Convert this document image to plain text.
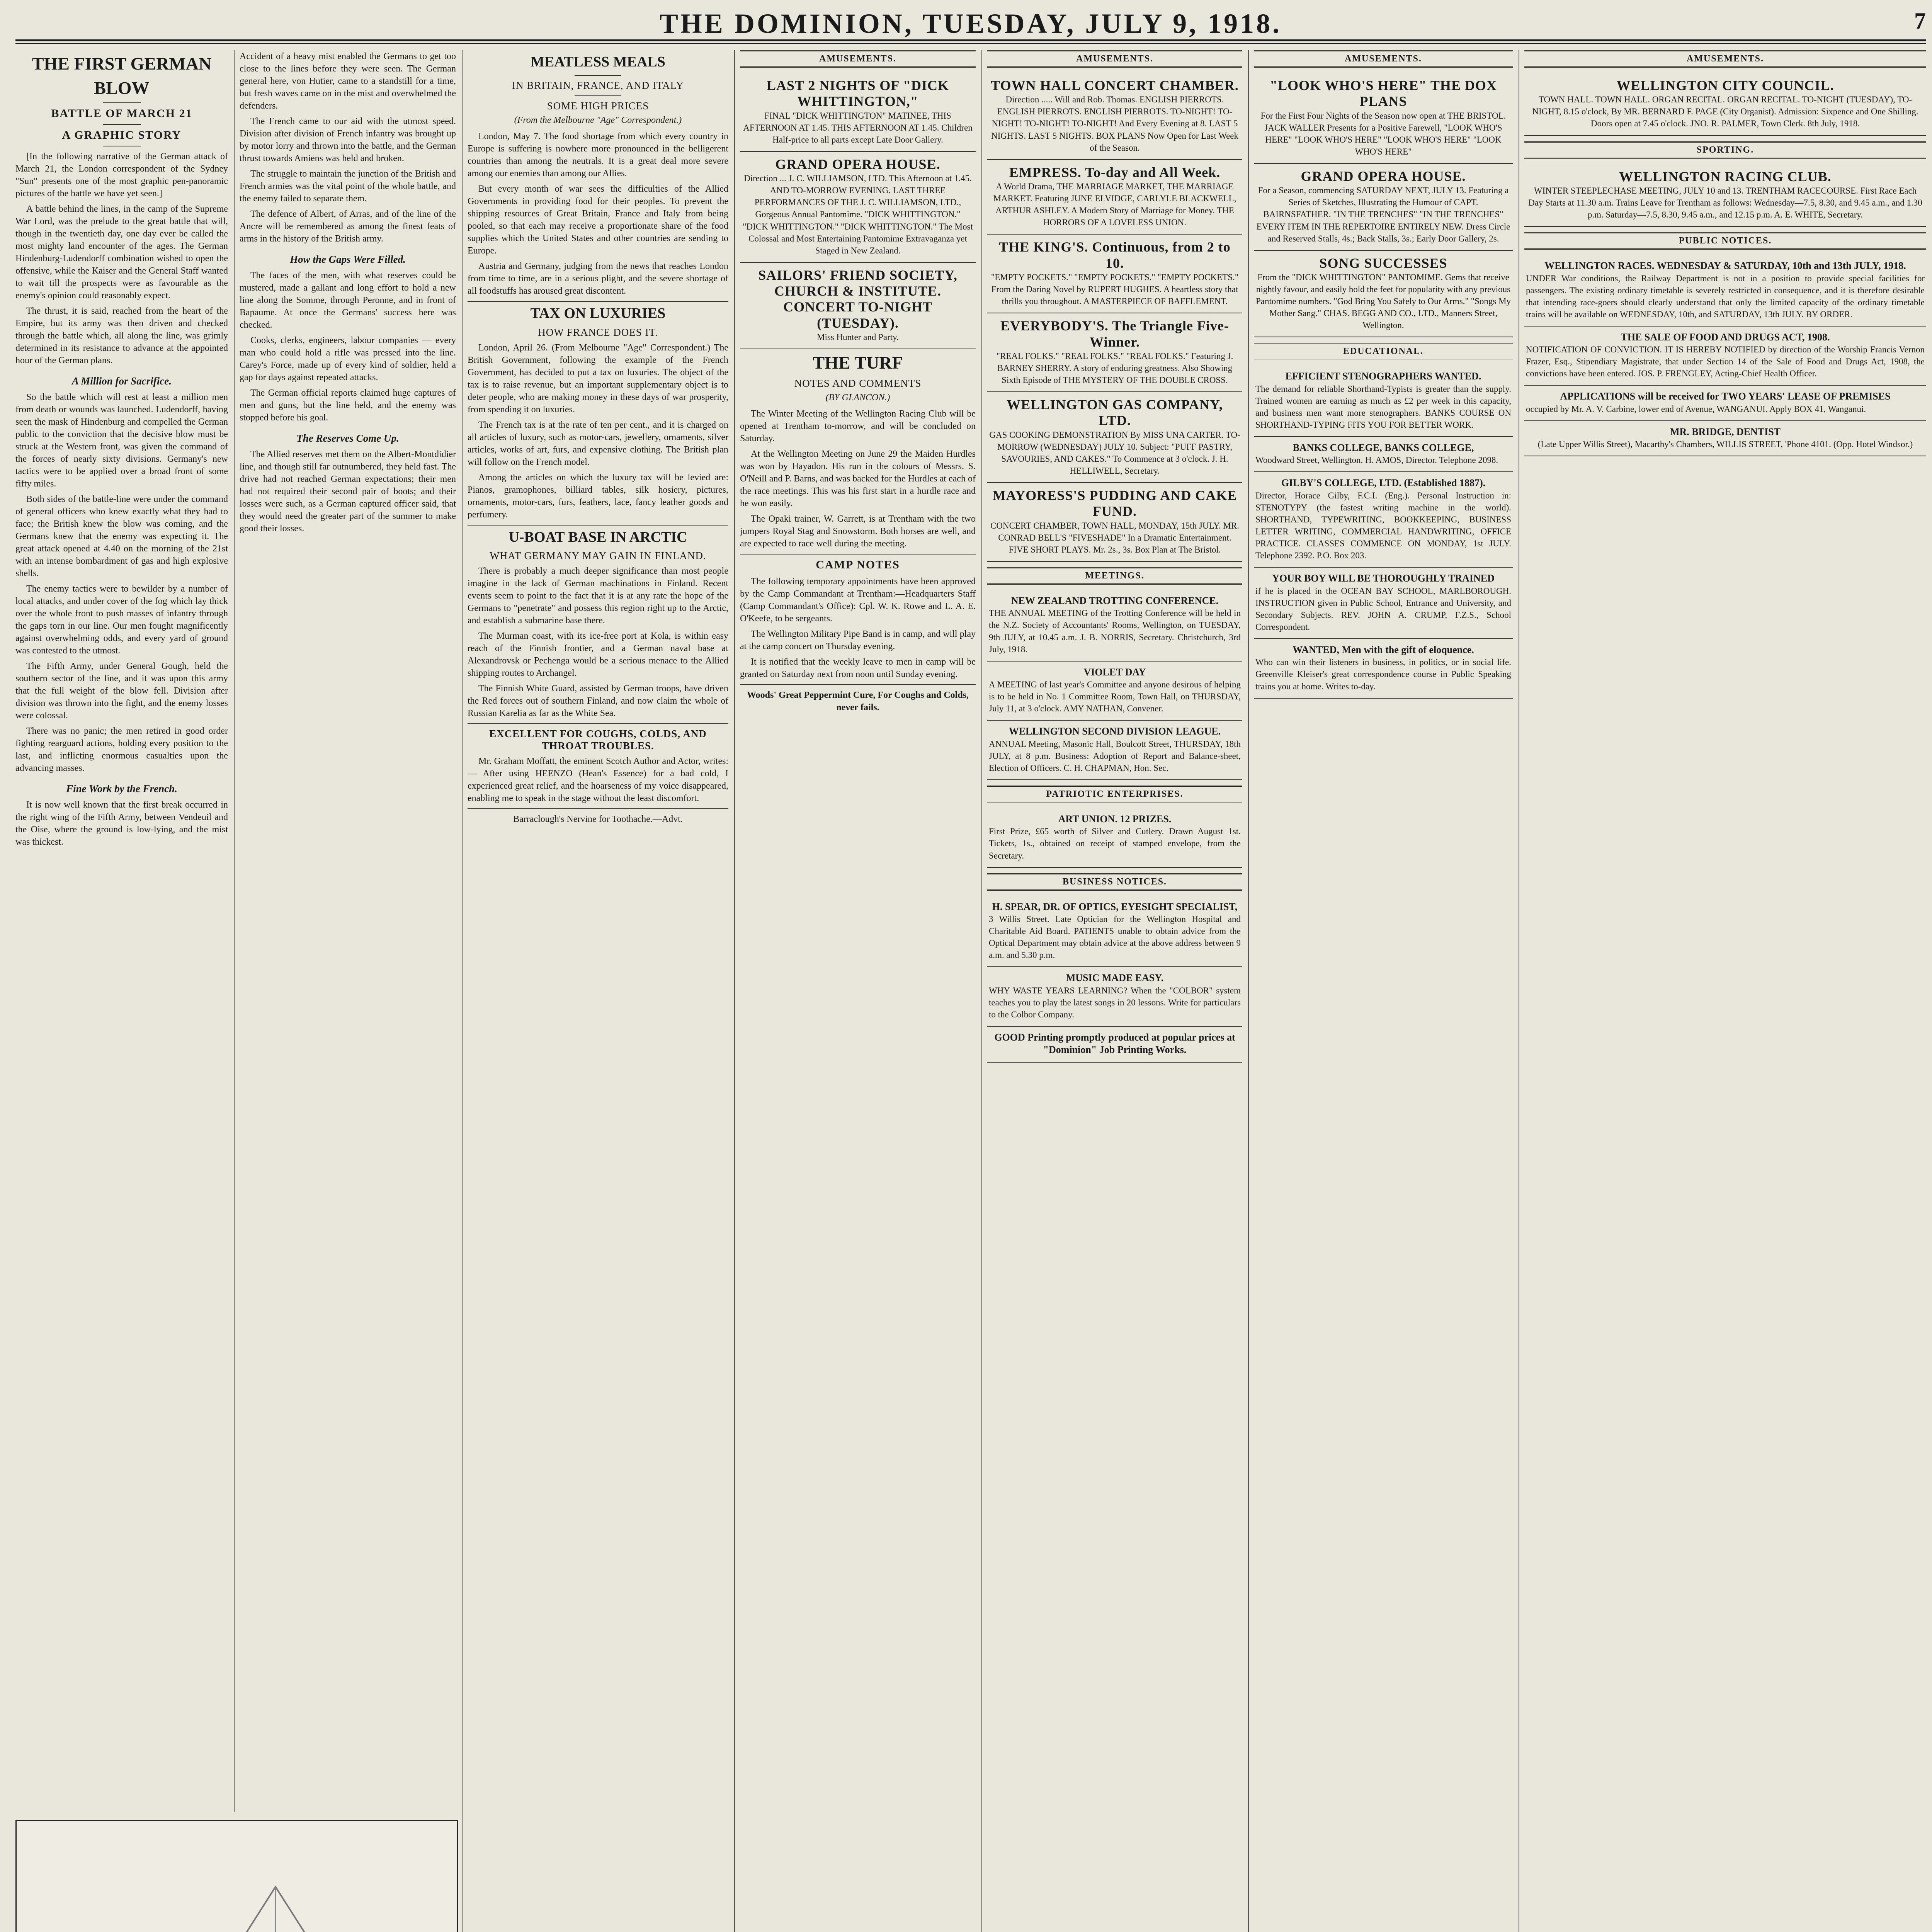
THE DOMINION, TUESDAY, JULY 9, 1918.	7
THE FIRST GERMAN
BLOW
BATTLE OF MARCH 21
A GRAPHIC STORY

[In the following narrative of the German attack of March 21, the London correspondent of the Sydney "Sun" presents one of the most graphic pen-panoramic pictures of the battle we have yet seen.]

A battle behind the lines, in the camp of the Supreme War Lord, was the prelude to the great battle that will, though in the twentieth day, one day ever be called the most mighty land encounter of the ages. The German Hindenburg-Ludendorff combination wished to open the offensive, while the Kaiser and the General Staff wanted to wait till the prospects were as favourable as the enemy's opinion could reasonably expect.

The thrust, it is said, reached from the heart of the Empire, but its army was then driven and checked through the battle which, all along the line, was grimly determined in its resistance to advance at the appointed hour of the German plans.

A Million for Sacrifice.

So the battle which will rest at least a million men from death or wounds was launched. Ludendorff, having seen the mask of Hindenburg and compelled the German public to the conviction that the decisive blow must be struck at the Western front, was given the command of the forces of nearly sixty divisions. Germany's new tactics were to be applied over a broad front of some fifty miles.

Both sides of the battle-line were under the command of general officers who knew exactly what they had to face; the British knew the blow was coming, and the Germans knew that the enemy was expecting it. The great attack opened at 4.40 on the morning of the 21st with an intense bombardment of gas and high explosive shells.

The enemy tactics were to bewilder by a number of local attacks, and under cover of the fog which lay thick over the whole front to push masses of infantry through the gaps torn in our line. Our men fought magnificently against overwhelming odds, and every yard of ground was contested to the utmost.

The Fifth Army, under General Gough, held the southern sector of the line, and it was upon this army that the full weight of the blow fell. Division after division was thrown into the fight, and the enemy losses were colossal.

There was no panic; the men retired in good order fighting rearguard actions, holding every position to the last, and inflicting enormous casualties upon the advancing masses.

Fine Work by the French.

It is now well known that the first break occurred in the right wing of the Fifth Army, between Vendeuil and the Oise, where the ground is low-lying, and the mist was thickest.

Accident of a heavy mist enabled the Germans to get too close to the lines before they were seen. The German general here, von Hutier, came to a standstill for a time, but fresh waves came on in the mist and overwhelmed the defenders.

The French came to our aid with the utmost speed. Division after division of French infantry was brought up by motor lorry and thrown into the battle, and the German thrust towards Amiens was held and broken.

The struggle to maintain the junction of the British and French armies was the vital point of the whole battle, and the enemy failed to separate them.

The defence of Albert, of Arras, and of the line of the Ancre will be remembered as among the finest feats of arms in the history of the British army.

How the Gaps Were Filled.

The faces of the men, with what reserves could be mustered, made a gallant and long effort to hold a new line along the Somme, through Peronne, and in front of Bapaume. At once the Germans' success here was checked.

Cooks, clerks, engineers, labour companies — every man who could hold a rifle was pressed into the line. Carey's Force, made up of every kind of soldier, held a gap for days against repeated attacks.

The German official reports claimed huge captures of men and guns, but the line held, and the enemy was stopped before his goal.

The Reserves Come Up.

The Allied reserves met them on the Albert-Montdidier line, and though still far outnumbered, they held fast. The drive had not reached German expectations; their men had not required their second pair of boots; and their losses were such, as a German captured officer said, that they would need the greater part of the summer to make good their losses.

MEATLESS MEALS
IN BRITAIN, FRANCE, AND ITALY
SOME HIGH PRICES
(From the Melbourne "Age" Correspondent.)

London, May 7. The food shortage from which every country in Europe is suffering is nowhere more pronounced in the belligerent countries than among the neutrals. It is a great deal more severe among our enemies than among our Allies.

But every month of war sees the difficulties of the Allied Governments in providing food for their peoples. To prevent the shipping resources of Great Britain, France and Italy from being pooled, so that each may receive a proportionate share of the food supplies which the United States and other countries are sending to Europe.

Austria and Germany, judging from the news that reaches London from time to time, are in a serious plight, and the severe shortage of all foodstuffs has aroused great discontent.

TAX ON LUXURIES
HOW FRANCE DOES IT.

London, April 26. (From Melbourne "Age" Correspondent.) The British Government, following the example of the French Government, has decided to put a tax on luxuries. The object of the tax is to raise revenue, but an important supplementary object is to deter people, who are making money in these days of war prosperity, from spending it on luxuries.

The French tax is at the rate of ten per cent., and it is charged on all articles of luxury, such as motor-cars, jewellery, ornaments, silver articles, works of art, furs, and expensive clothing. The British plan will follow on the French model.

Among the articles on which the luxury tax will be levied are: Pianos, gramophones, billiard tables, silk hosiery, pictures, ornaments, motor-cars, furs, feathers, lace, fancy leather goods and perfumery.

U-BOAT BASE IN ARCTIC
WHAT GERMANY MAY GAIN IN FINLAND.

There is probably a much deeper significance than most people imagine in the lack of German machinations in Finland. Recent events seem to point to the fact that it is at any rate the hope of the Germans to "penetrate" and possess this region right up to the Arctic, and establish a submarine base there.

The Murman coast, with its ice-free port at Kola, is within easy reach of the Finnish frontier, and a German naval base at Alexandrovsk or Pechenga would be a serious menace to the Allied shipping routes to Archangel.

The Finnish White Guard, assisted by German troops, have driven the Red forces out of southern Finland, and now claim the whole of Russian Karelia as far as the White Sea.

EXCELLENT FOR COUGHS, COLDS, AND THROAT TROUBLES.

Mr. Graham Moffatt, the eminent Scotch Author and Actor, writes:— After using HEENZO (Hean's Essence) for a bad cold, I experienced great relief, and the hoarseness of my voice disappeared, enabling me to speak in the stage without the least discomfort.

Barraclough's Nervine for Toothache.—Advt.

AMUSEMENTS.
LAST 2 NIGHTS OF "DICK WHITTINGTON,"
FINAL "DICK WHITTINGTON" MATINEE, THIS AFTERNOON AT 1.45. THIS AFTERNOON AT 1.45. Children Half-price to all parts except Late Door Gallery.
GRAND OPERA HOUSE.
Direction ... J. C. WILLIAMSON, LTD. This Afternoon at 1.45. AND TO-MORROW EVENING. LAST THREE PERFORMANCES OF THE J. C. WILLIAMSON, LTD., Gorgeous Annual Pantomime. "DICK WHITTINGTON." "DICK WHITTINGTON." "DICK WHITTINGTON." The Most Colossal and Most Entertaining Pantomime Extravaganza yet Staged in New Zealand.
SAILORS' FRIEND SOCIETY, CHURCH & INSTITUTE. CONCERT TO-NIGHT (TUESDAY).
Miss Hunter and Party.
THE TURF
NOTES AND COMMENTS
(BY GLANCON.)

The Winter Meeting of the Wellington Racing Club will be opened at Trentham to-morrow, and will be concluded on Saturday.

At the Wellington Meeting on June 29 the Maiden Hurdles was won by Hayadon. His run in the colours of Messrs. S. O'Neill and P. Barns, and was backed for the Hurdles at each of the race meetings. This was his first start in a hurdle race and he won easily.

The Opaki trainer, W. Garrett, is at Trentham with the two jumpers Royal Stag and Snowstorm. Both horses are well, and are expected to race well during the meeting.

CAMP NOTES

The following temporary appointments have been approved by the Camp Commandant at Trentham:—Headquarters Staff (Camp Commandant's Office): Cpl. W. K. Rowe and L. A. E. O'Keefe, to be sergeants.

The Wellington Military Pipe Band is in camp, and will play at the camp concert on Thursday evening.

It is notified that the weekly leave to men in camp will be granted on Saturday next from noon until Sunday evening.

Woods' Great Peppermint Cure, For Coughs and Colds, never fails.

AMUSEMENTS.
TOWN HALL CONCERT CHAMBER.
Direction ..... Will and Rob. Thomas. ENGLISH PIERROTS. ENGLISH PIERROTS. ENGLISH PIERROTS. TO-NIGHT! TO-NIGHT! TO-NIGHT! TO-NIGHT! And Every Evening at 8. LAST 5 NIGHTS. LAST 5 NIGHTS. BOX PLANS Now Open for Last Week of the Season.
EMPRESS. To-day and All Week.
A World Drama, THE MARRIAGE MARKET, THE MARRIAGE MARKET. Featuring JUNE ELVIDGE, CARLYLE BLACKWELL, ARTHUR ASHLEY. A Modern Story of Marriage for Money. THE HORRORS OF A LOVELESS UNION.
THE KING'S. Continuous, from 2 to 10.
"EMPTY POCKETS." "EMPTY POCKETS." "EMPTY POCKETS." From the Daring Novel by RUPERT HUGHES. A heartless story that thrills you throughout. A MASTERPIECE OF BAFFLEMENT.
EVERYBODY'S. The Triangle Five-Winner.
"REAL FOLKS." "REAL FOLKS." "REAL FOLKS." Featuring J. BARNEY SHERRY. A story of enduring greatness. Also Showing Sixth Episode of THE MYSTERY OF THE DOUBLE CROSS.
WELLINGTON GAS COMPANY, LTD.
GAS COOKING DEMONSTRATION By MISS UNA CARTER. TO-MORROW (WEDNESDAY) JULY 10. Subject: "PUFF PASTRY, SAVOURIES, AND CAKES." To Commence at 3 o'clock. J. H. HELLIWELL, Secretary.
MAYORESS'S PUDDING AND CAKE FUND.
CONCERT CHAMBER, TOWN HALL, MONDAY, 15th JULY. MR. CONRAD BELL'S "FIVESHADE" In a Dramatic Entertainment. FIVE SHORT PLAYS. Mr. 2s., 3s. Box Plan at The Bristol.
MEETINGS.
NEW ZEALAND TROTTING CONFERENCE.
THE ANNUAL MEETING of the Trotting Conference will be held in the N.Z. Society of Accountants' Rooms, Wellington, on TUESDAY, 9th JULY, at 10.45 a.m. J. B. NORRIS, Secretary. Christchurch, 3rd July, 1918.
VIOLET DAY
A MEETING of last year's Committee and anyone desirous of helping is to be held in No. 1 Committee Room, Town Hall, on THURSDAY, July 11, at 3 o'clock. AMY NATHAN, Convener.
WELLINGTON SECOND DIVISION LEAGUE.
ANNUAL Meeting, Masonic Hall, Boulcott Street, THURSDAY, 18th JULY, at 8 p.m. Business: Adoption of Report and Balance-sheet, Election of Officers. C. H. CHAPMAN, Hon. Sec.
PATRIOTIC ENTERPRISES.
ART UNION. 12 PRIZES.
First Prize, £65 worth of Silver and Cutlery. Drawn August 1st. Tickets, 1s., obtained on receipt of stamped envelope, from the Secretary.
BUSINESS NOTICES.
H. SPEAR, DR. OF OPTICS, EYESIGHT SPECIALIST,
3 Willis Street. Late Optician for the Wellington Hospital and Charitable Aid Board. PATIENTS unable to obtain advice from the Optical Department may obtain advice at the above address between 9 a.m. and 5.30 p.m.
MUSIC MADE EASY.
WHY WASTE YEARS LEARNING? When the "COLBOR" system teaches you to play the latest songs in 20 lessons. Write for particulars to the Colbor Company.
GOOD Printing promptly produced at popular prices at "Dominion" Job Printing Works.
AMUSEMENTS.
"LOOK WHO'S HERE" THE DOX PLANS
For the First Four Nights of the Season now open at THE BRISTOL. JACK WALLER Presents for a Positive Farewell, "LOOK WHO'S HERE" "LOOK WHO'S HERE" "LOOK WHO'S HERE" "LOOK WHO'S HERE"
GRAND OPERA HOUSE.
For a Season, commencing SATURDAY NEXT, JULY 13. Featuring a Series of Sketches, Illustrating the Humour of CAPT. BAIRNSFATHER. "IN THE TRENCHES" "IN THE TRENCHES" EVERY ITEM IN THE REPERTOIRE ENTIRELY NEW. Dress Circle and Reserved Stalls, 4s.; Back Stalls, 3s.; Early Door Gallery, 2s.
SONG SUCCESSES
From the "DICK WHITTINGTON" PANTOMIME. Gems that receive nightly favour, and easily hold the feet for popularity with any previous Pantomime numbers. "God Bring You Safely to Our Arms." "Songs My Mother Sang." CHAS. BEGG AND CO., LTD., Manners Street, Wellington.
EDUCATIONAL.
EFFICIENT STENOGRAPHERS WANTED.
The demand for reliable Shorthand-Typists is greater than the supply. Trained women are earning as much as £2 per week in this capacity, and business men want more stenographers. BANKS COURSE ON SHORTHAND-TYPING FITS YOU FOR BETTER WORK.
BANKS COLLEGE, BANKS COLLEGE,
Woodward Street, Wellington. H. AMOS, Director. Telephone 2098.
GILBY'S COLLEGE, LTD. (Established 1887).
Director, Horace Gilby, F.C.I. (Eng.). Personal Instruction in: STENOTYPY (the fastest writing machine in the world). SHORTHAND, TYPEWRITING, BOOKKEEPING, BUSINESS LETTER WRITING, COMMERCIAL HANDWRITING, OFFICE PRACTICE. CLASSES COMMENCE ON MONDAY, 1st JULY. Telephone 2392. P.O. Box 203.
YOUR BOY WILL BE THOROUGHLY TRAINED
if he is placed in the OCEAN BAY SCHOOL, MARLBOROUGH. INSTRUCTION given in Public School, Entrance and University, and Secondary Subjects. REV. JOHN A. CRUMP, F.Z.S., School Correspondent.
WANTED, Men with the gift of eloquence.
Who can win their listeners in business, in politics, or in social life. Greenville Kleiser's great correspondence course in Public Speaking trains you at home. Writes to-day.
AMUSEMENTS.
WELLINGTON CITY COUNCIL.
TOWN HALL. TOWN HALL. ORGAN RECITAL. ORGAN RECITAL. TO-NIGHT (TUESDAY), TO-NIGHT, 8.15 o'clock, By MR. BERNARD F. PAGE (City Organist). Admission: Sixpence and One Shilling. Doors open at 7.45 o'clock. JNO. R. PALMER, Town Clerk. 8th July, 1918.
SPORTING.
WELLINGTON RACING CLUB.
WINTER STEEPLECHASE MEETING, JULY 10 and 13. TRENTHAM RACECOURSE. First Race Each Day Starts at 11.30 a.m. Trains Leave for Trentham as follows: Wednesday—7.5, 8.30, and 9.45 a.m., and 1.30 p.m. Saturday—7.5, 8.30, 9.45 a.m., and 12.15 p.m. A. E. WHITE, Secretary.
PUBLIC NOTICES.
WELLINGTON RACES. WEDNESDAY & SATURDAY, 10th and 13th JULY, 1918.
UNDER War conditions, the Railway Department is not in a position to provide special facilities for passengers. The existing ordinary timetable is severely restricted in consequence, and it is therefore desirable that intending race-goers should clearly understand that only the limited capacity of the ordinary timetable trains will be available on WEDNESDAY, 10th, and SATURDAY, 13th JULY. BY ORDER.
THE SALE OF FOOD AND DRUGS ACT, 1908.
NOTIFICATION OF CONVICTION. IT IS HEREBY NOTIFIED by direction of the Worship Francis Vernon Frazer, Esq., Stipendiary Magistrate, that under Section 14 of the Sale of Food and Drugs Act, 1908, the convictions have been entered. JOS. P. FRENGLEY, Acting-Chief Health Officer.
APPLICATIONS will be received for TWO YEARS' LEASE OF PREMISES
occupied by Mr. A. V. Carbine, lower end of Avenue, WANGANUI. Apply BOX 41, Wanganui.
MR. BRIDGE, DENTIST
(Late Upper Willis Street), Macarthy's Chambers, WILLIS STREET, 'Phone 4101. (Opp. Hotel Windsor.)
